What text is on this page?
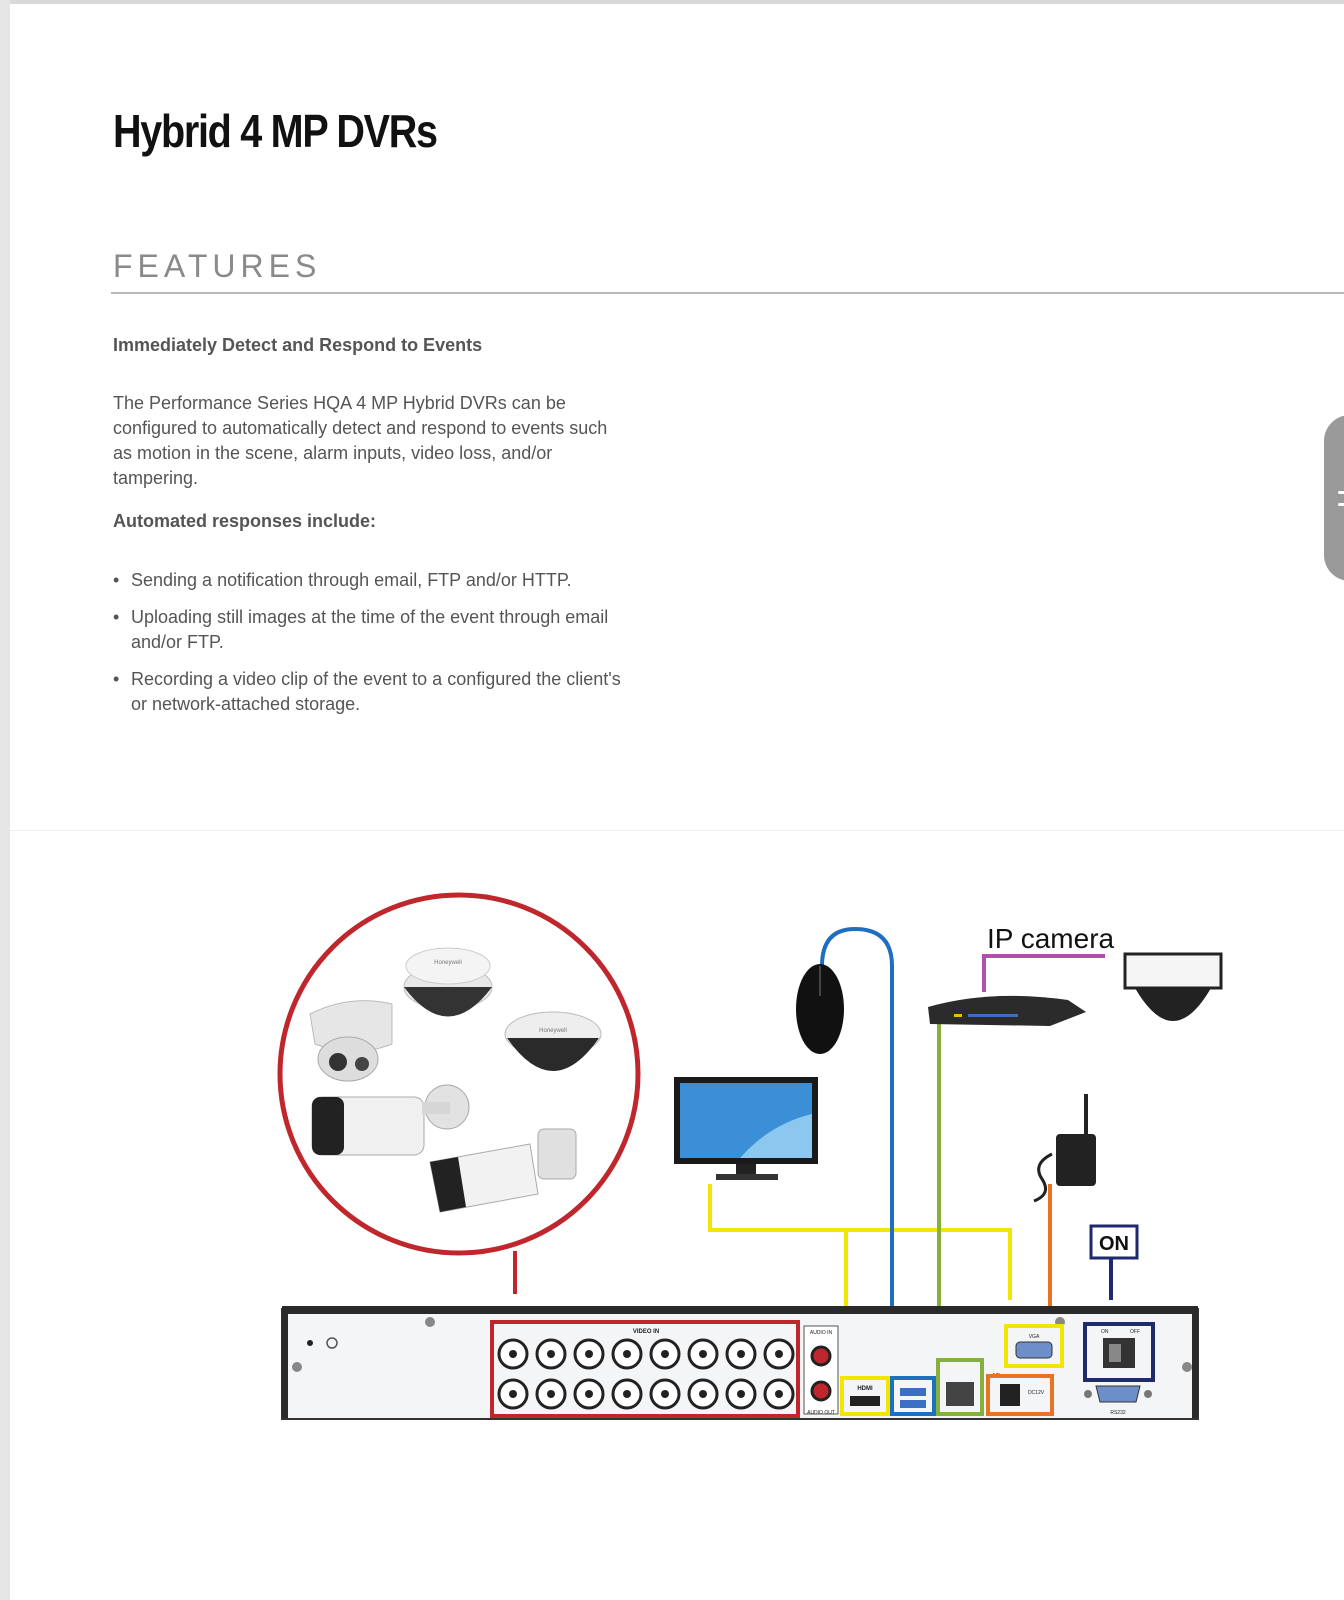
Hybrid 4 MP DVRs
FEATURES
Immediately Detect and Respond to Events

The Performance Series HQA 4 MP Hybrid DVRs can be configured to automatically detect and respond to events such as motion in the scene, alarm inputs, video loss, and/or tampering.

Automated responses include:
• Sending a notification through email, FTP and/or HTTP.
• Uploading still images at the time of the event through email and/or FTP.
• Recording a video clip of the event to a configured the client's or network-attached storage.
Honeywell
Honeywell
IP camera
ON
VIDEO IN	AUDIO IN
AUDIO OUT
HDMI
A/B
VGA
DC12V
ON	OFF
RS232
